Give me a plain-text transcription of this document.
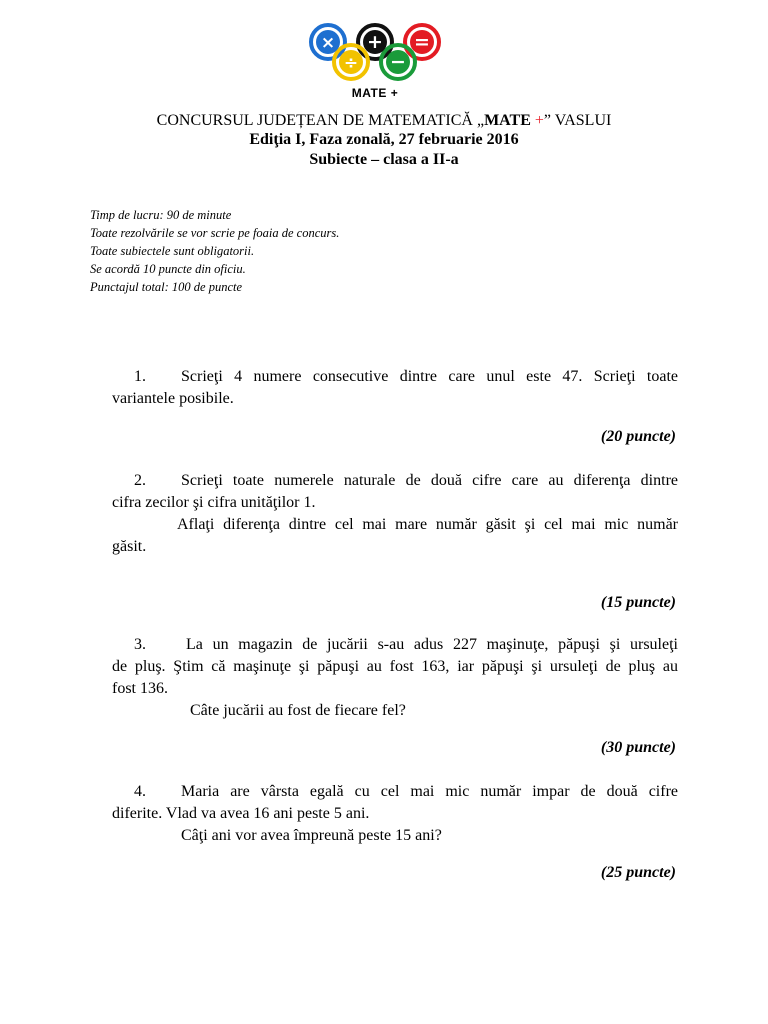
× +
÷ −
=
MATE +
CONCURSUL JUDEȚEAN DE MATEMATICĂ „MATE +” VASLUI
Ediţia I, Faza zonală, 27 februarie 2016
Subiecte – clasa a II-a
Timp de lucru: 90 de minute
Toate rezolvările se vor scrie pe foaia de concurs.
Toate subiectele sunt obligatorii.
Se acordă 10 puncte din oficiu.
Punctajul total: 100 de puncte
1. Scrieţi 4 numere consecutive dintre care unul este 47. Scrieţi toate
variantele posibile.
(20 puncte)
2. Scrieţi toate numerele naturale de două cifre care au diferenţa dintre
cifra zecilor şi cifra unităţilor 1.
Aflaţi diferenţa dintre cel mai mare număr găsit şi cel mai mic număr
găsit.
(15 puncte)
3.	La un magazin de jucării s-au adus 227 maşinuţe, păpuşi şi ursuleţi
de pluş. Ştim că maşinuţe şi păpuşi au fost 163, iar păpuşi şi ursuleţi de pluş au
fost 136.
Câte jucării au fost de fiecare fel?
(30 puncte)
4. Maria are vârsta egală cu cel mai mic număr impar de două cifre
diferite. Vlad va avea 16 ani peste 5 ani.
Câţi ani vor avea împreună peste 15 ani?
(25 puncte)
